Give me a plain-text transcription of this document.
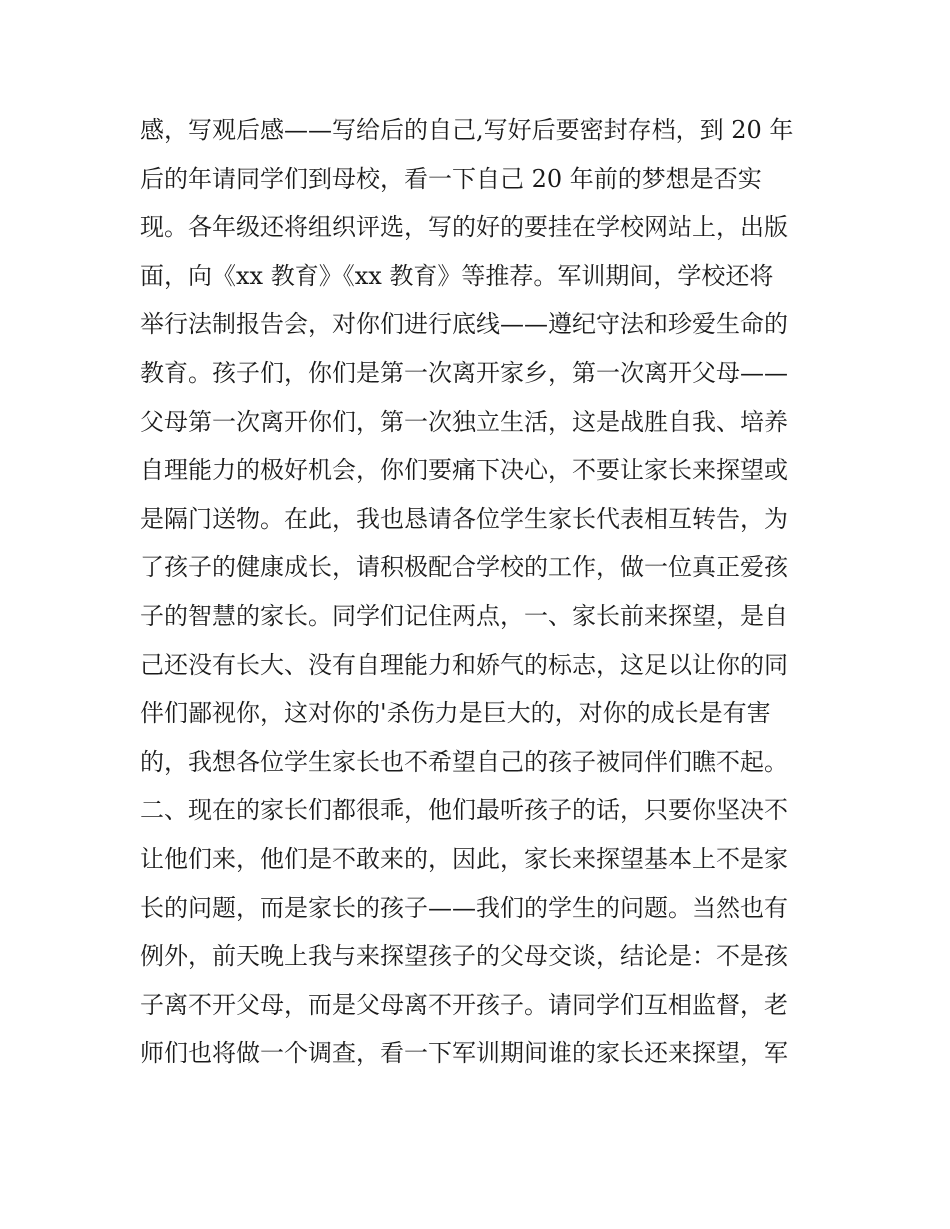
感，写观后感——写给后的自己,写好后要密封存档，到 20 年
后的年请同学们到母校，看一下自己 20 年前的梦想是否实
现。各年级还将组织评选，写的好的要挂在学校网站上，出版
面，向《xx 教育》《xx 教育》等推荐。军训期间，学校还将
举行法制报告会，对你们进行底线——遵纪守法和珍爱生命的
教育。孩子们，你们是第一次离开家乡，第一次离开父母——
父母第一次离开你们，第一次独立生活，这是战胜自我、培养
自理能力的极好机会，你们要痛下决心，不要让家长来探望或
是隔门送物。在此，我也恳请各位学生家长代表相互转告，为
了孩子的健康成长，请积极配合学校的工作，做一位真正爱孩
子的智慧的家长。同学们记住两点，一、家长前来探望，是自
己还没有长大、没有自理能力和娇气的标志，这足以让你的同
伴们鄙视你，这对你的'杀伤力是巨大的，对你的成长是有害
的，我想各位学生家长也不希望自己的孩子被同伴们瞧不起。
二、现在的家长们都很乖，他们最听孩子的话，只要你坚决不
让他们来，他们是不敢来的，因此，家长来探望基本上不是家
长的问题，而是家长的孩子——我们的学生的问题。当然也有
例外，前天晚上我与来探望孩子的父母交谈，结论是：不是孩
子离不开父母，而是父母离不开孩子。请同学们互相监督，老
师们也将做一个调查，看一下军训期间谁的家长还来探望，军
